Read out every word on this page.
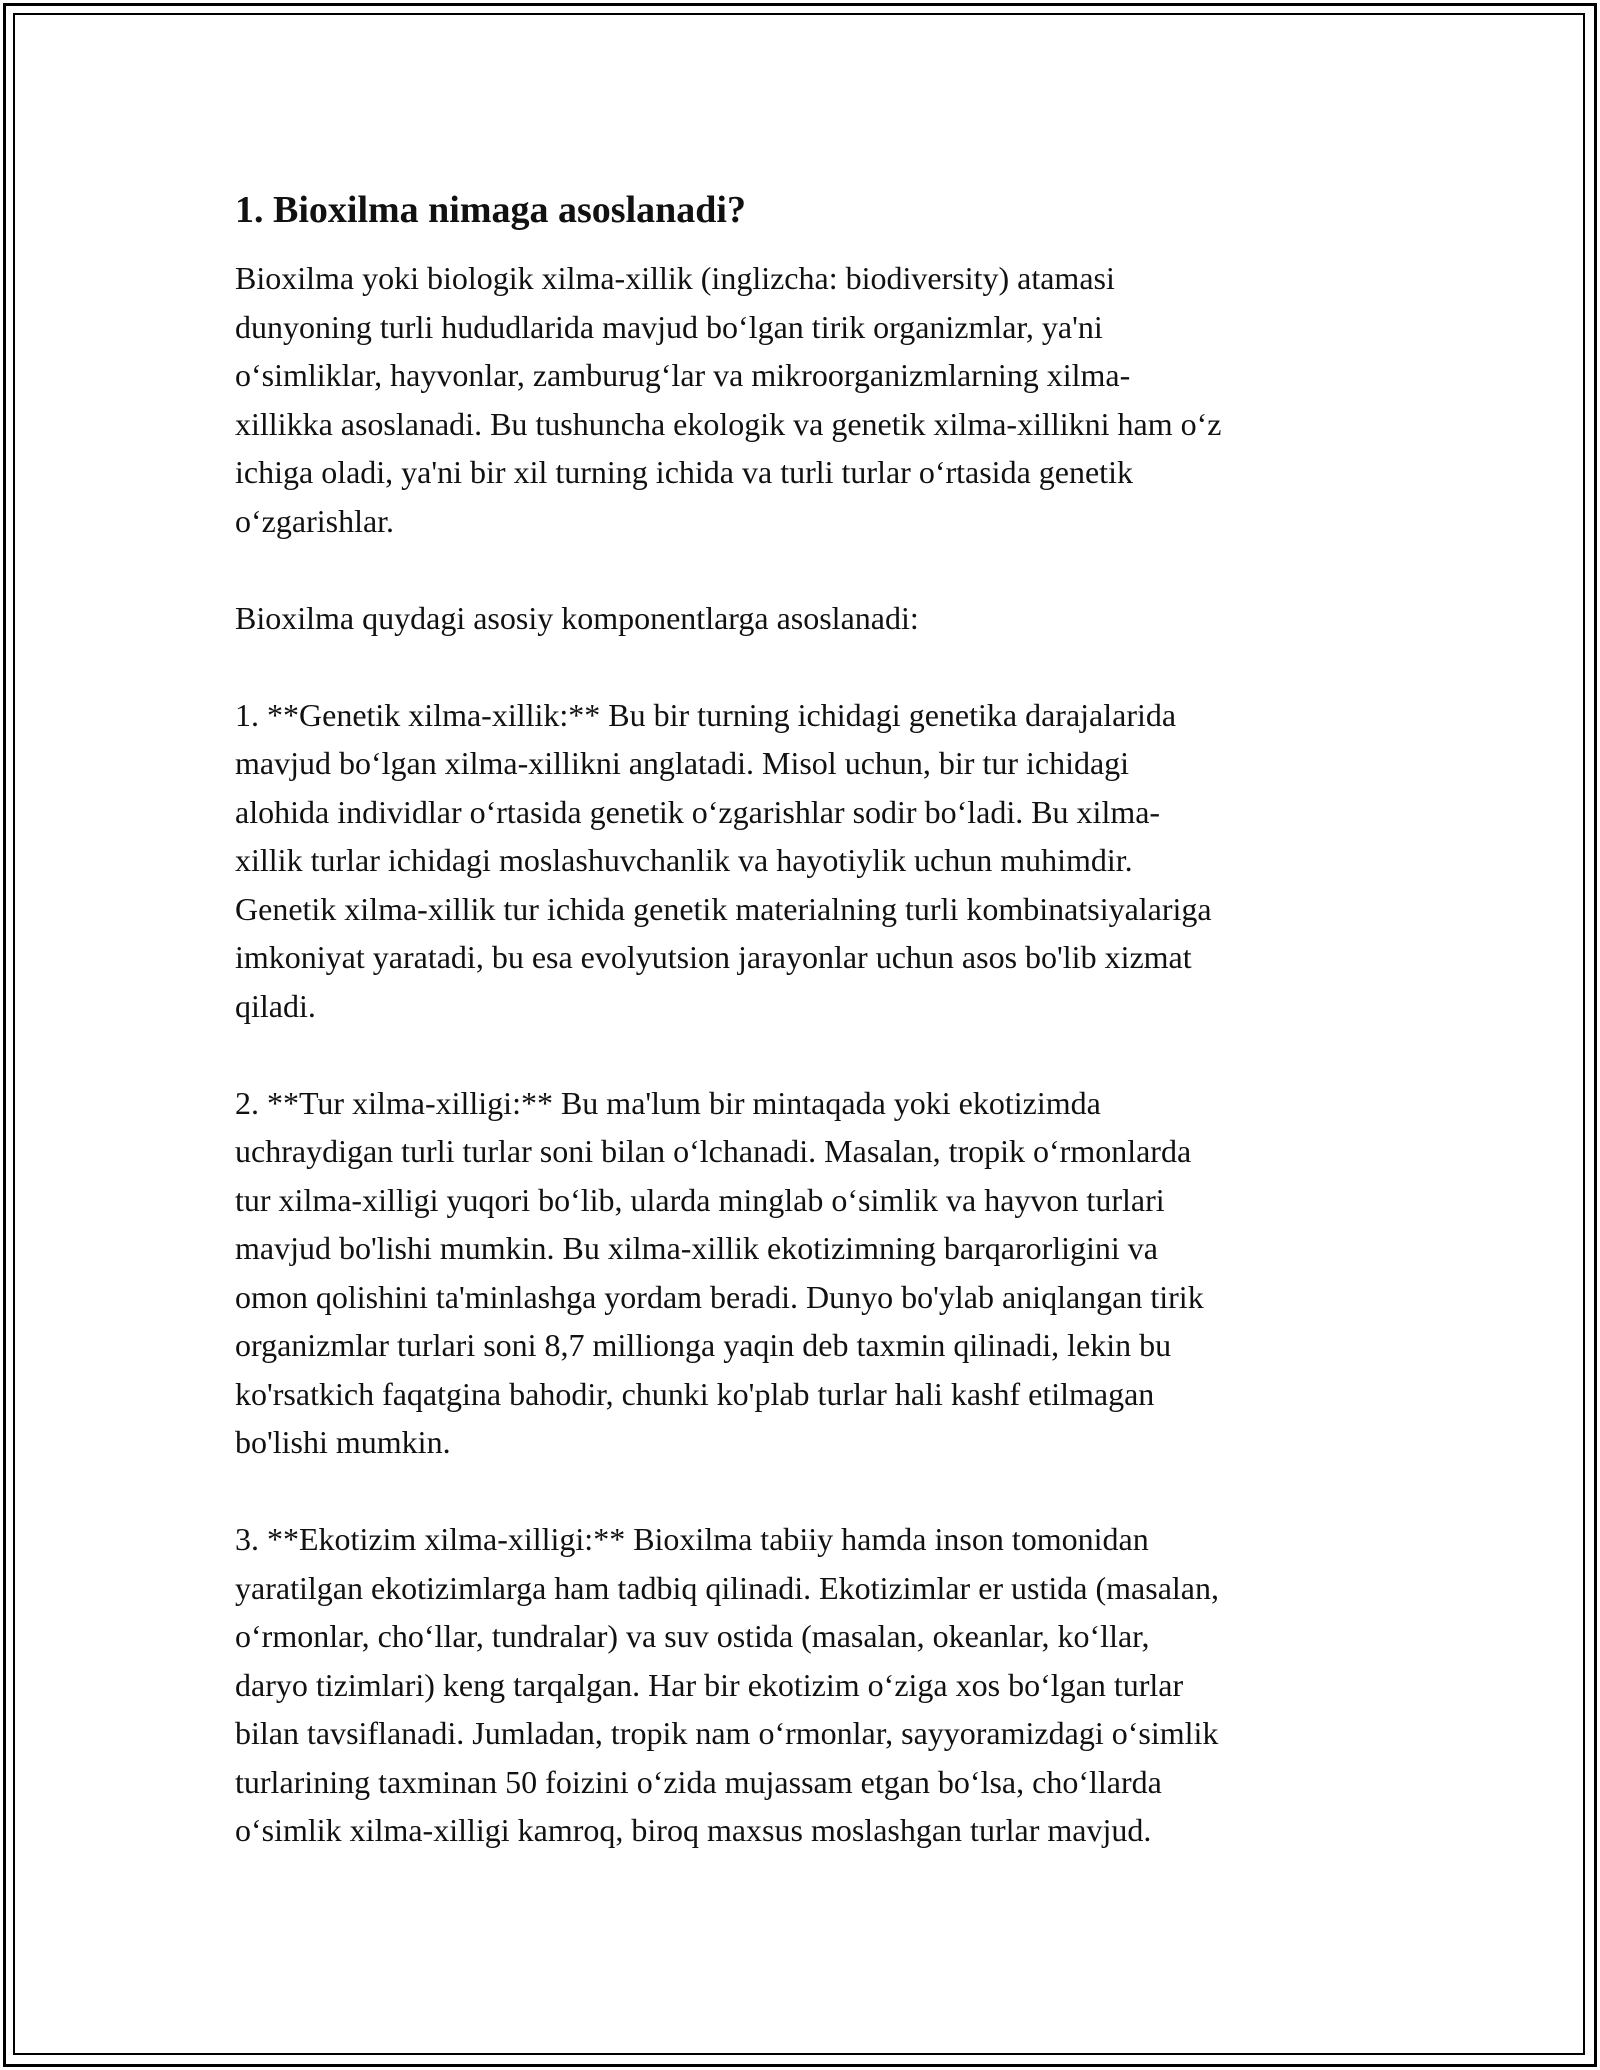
1. Bioxilma nimaga asoslanadi?
Bioxilma yoki biologik xilma-xillik (inglizcha: biodiversity) atamasi
dunyoning turli hududlarida mavjud boʻlgan tirik organizmlar, ya'ni
oʻsimliklar, hayvonlar, zamburugʻlar va mikroorganizmlarning xilma-
xillikka asoslanadi. Bu tushuncha ekologik va genetik xilma-xillikni ham oʻz
ichiga oladi, ya'ni bir xil turning ichida va turli turlar oʻrtasida genetik
oʻzgarishlar.
Bioxilma quydagi asosiy komponentlarga asoslanadi:
1. **Genetik xilma-xillik:** Bu bir turning ichidagi genetika darajalarida
mavjud boʻlgan xilma-xillikni anglatadi. Misol uchun, bir tur ichidagi
alohida individlar oʻrtasida genetik oʻzgarishlar sodir boʻladi. Bu xilma-
xillik turlar ichidagi moslashuvchanlik va hayotiylik uchun muhimdir.
Genetik xilma-xillik tur ichida genetik materialning turli kombinatsiyalariga
imkoniyat yaratadi, bu esa evolyutsion jarayonlar uchun asos bo'lib xizmat
qiladi.
2. **Tur xilma-xilligi:** Bu ma'lum bir mintaqada yoki ekotizimda
uchraydigan turli turlar soni bilan oʻlchanadi. Masalan, tropik oʻrmonlarda
tur xilma-xilligi yuqori boʻlib, ularda minglab oʻsimlik va hayvon turlari
mavjud bo'lishi mumkin. Bu xilma-xillik ekotizimning barqarorligini va
omon qolishini ta'minlashga yordam beradi. Dunyo bo'ylab aniqlangan tirik
organizmlar turlari soni 8,7 millionga yaqin deb taxmin qilinadi, lekin bu
ko'rsatkich faqatgina bahodir, chunki ko'plab turlar hali kashf etilmagan
bo'lishi mumkin.
3. **Ekotizim xilma-xilligi:** Bioxilma tabiiy hamda inson tomonidan
yaratilgan ekotizimlarga ham tadbiq qilinadi. Ekotizimlar er ustida (masalan,
oʻrmonlar, choʻllar, tundralar) va suv ostida (masalan, okeanlar, koʻllar,
daryo tizimlari) keng tarqalgan. Har bir ekotizim oʻziga xos boʻlgan turlar
bilan tavsiflanadi. Jumladan, tropik nam oʻrmonlar, sayyoramizdagi oʻsimlik
turlarining taxminan 50 foizini oʻzida mujassam etgan boʻlsa, choʻllarda
oʻsimlik xilma-xilligi kamroq, biroq maxsus moslashgan turlar mavjud.
